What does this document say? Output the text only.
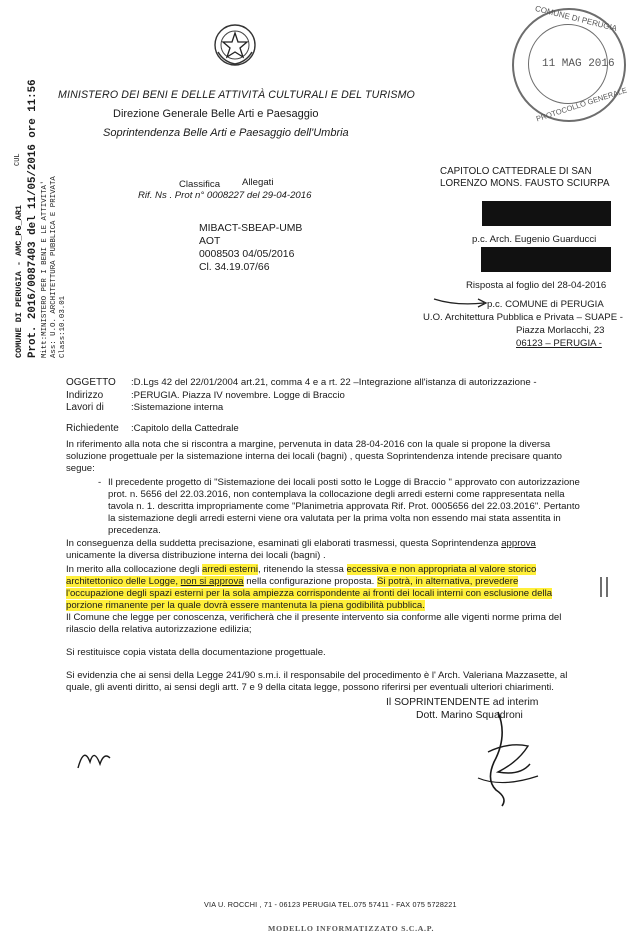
MINISTERO DEI BENI E DELLE ATTIVITÀ CULTURALI E DEL TURISMO
Direzione Generale Belle Arti e Paesaggio
Soprintendenza Belle Arti e Paesaggio dell'Umbria
COMUNE DI PERUGIA
11 MAG 2016
PROTOCOLLO GENERALE
COMUNE DI PERUGIA - AMC_PG_AR1 Prot. 2016/0087403 del 11/05/2016 ore 11:56 Mitt:MINISTERO PER I BENI E LE ATTIVITA' Ass: U.O. ARCHITETTURA PUBBLICA E PRIVATA Class:10.03.01
CUL
Classifica Allegati
Rif. Ns . Prot n° 0008227 del 29-04-2016
MIBACT-SBEAP-UMB
AOT
0008503 04/05/2016
Cl. 34.19.07/66
CAPITOLO CATTEDRALE DI SAN
LORENZO MONS. FAUSTO SCIURPA
p.c. Arch. Eugenio Guarducci
Risposta al foglio del 28-04-2016
p.c. COMUNE di PERUGIA
U.O. Architettura Pubblica e Privata – SUAPE -
Piazza Morlacchi, 23
06123 – PERUGIA -
OGGETTO :D.Lgs 42 del 22/01/2004 art.21, comma 4 e a rt. 22 –Integrazione all'istanza di autorizzazione -
Indirizzo	:PERUGIA. Piazza IV novembre. Logge di Braccio
Lavori di	:Sistemazione interna
Richiedente :Capitolo della Cattedrale
In riferimento alla nota che si riscontra a margine, pervenuta in data 28-04-2016 con la quale si propone la diversa
soluzione progettuale per la sistemazione interna dei locali (bagni) , questa Soprintendenza intende precisare quanto
segue:
- Il precedente progetto di "Sistemazione dei locali posti sotto le Logge di Braccio " approvato con autorizzazione
prot. n. 5656 del 22.03.2016, non contemplava la collocazione degli arredi esterni come rappresentata nella
tavola n. 1. descritta impropriamente come "Planimetria approvata Rif. Prot. 0005656 del 22.03.2016". Pertanto
la sistemazione degli arredi esterni viene ora valutata per la prima volta non essendo mai stata assentita in
precedenza.
In conseguenza della suddetta precisazione, esaminati gli elaborati trasmessi, questa Soprintendenza approva
unicamente la diversa distribuzione interna dei locali (bagni) .
In merito alla collocazione degli arredi esterni, ritenendo la stessa eccessiva e non appropriata al valore storico
architettonico delle Logge, non si approva nella configurazione proposta. Si potrà, in alternativa, prevedere
l'occupazione degli spazi esterni per la sola ampiezza corrispondente ai fronti dei locali interni con esclusione della
porzione rimanente per la quale dovrà essere mantenuta la piena godibilità pubblica.
Il Comune che legge per conoscenza, verificherà che il presente intervento sia conforme alle vigenti norme prima del
rilascio della relativa autorizzazione edilizia;
Si restituisce copia vistata della documentazione progettuale.
Si evidenzia che ai sensi della Legge 241/90 s.m.i. il responsabile del procedimento è l' Arch. Valeriana Mazzasette, al
quale, gli aventi diritto, ai sensi degli artt. 7 e 9 della citata legge, possono riferirsi per eventuali ulteriori chiarimenti.
Il SOPRINTENDENTE ad interim
Dott. Marino Squadroni
VIA U. ROCCHI , 71 - 06123 PERUGIA TEL.075 57411 - FAX 075 5728221
MODELLO INFORMATIZZATO S.C.A.P.
